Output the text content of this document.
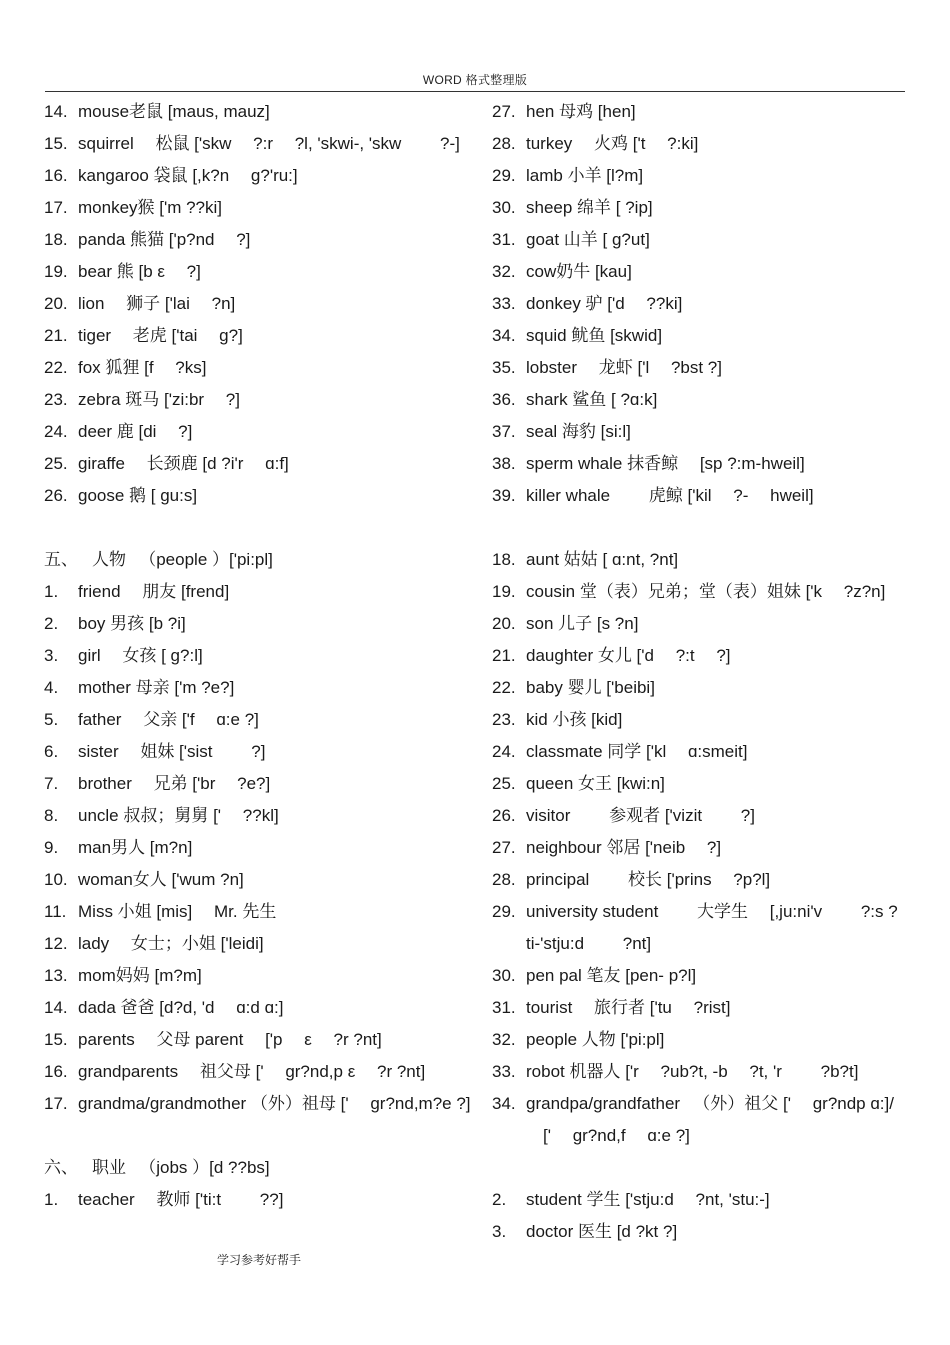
WORD 格式整理版
14. mouse老鼠 [maus, mauz]
15. squirrel 　松鼠 ['skw 　?:r 　?l, 'skwi-, 'skw 　　?-]
16. kangaroo 袋鼠 [,k?n 　ɡ?'ru:]
17. monkey猴 ['m ??ki]
18. panda 熊猫 ['p?nd 　?]
19. bear 熊 [b ε 　?]
20. lion 　狮子 ['lai 　?n]
21. tiger 　老虎 ['tai 　ɡ?]
22. fox 狐狸 [f 　?ks]
23. zebra 斑马 ['zi:br 　?]
24. deer 鹿 [di 　?]
25. giraffe 　长颈鹿 [d ?i'r 　ɑ:f]
26. goose 鹅 [ ɡu:s]
五、 人物 　（people ）['pi:pl]
1.	friend 　朋友 [frend]
2.	boy 男孩 [b ?i]
3.	girl 　女孩 [ ɡ?:l]
4.	mother 母亲 ['m ?e?]
5.	father 　父亲 ['f 　ɑ:e ?]
6.	sister 　姐妹 ['sist 　　?]
7.	brother 　兄弟 ['br 　?e?]
8.	uncle 叔叔；舅舅 [' 　??kl]
9.	man男人 [m?n]
10. woman女人 ['wum ?n]
11. Miss 小姐 [mis] 　Mr. 先生
12. lady 　女士；小姐 ['leidi]
13. mom妈妈 [m?m]
14. dada 爸爸 [d?d, 'd 　ɑ:d ɑ:]
15. parents 　父母 parent 　['p 　ε 　?r ?nt]
16. grandparents 　祖父母 [' 　gr?nd,p ε 　?r ?nt]
17. grandma/grandmother （外）祖母 [' 　gr?nd,m?e ?]
六、 职业 　（jobs ）[d ??bs]
1.	teacher 　教师 ['ti:t 　　??]
27. hen 母鸡 [hen]
28. turkey 　火鸡 ['t 　?:ki]
29. lamb 小羊 [l?m]
30. sheep 绵羊 [ ?ip]
31. goat 山羊 [ ɡ?ut]
32. cow奶牛 [kau]
33. donkey 驴 ['d 　??ki]
34. squid 鱿鱼 [skwid]
35. lobster 　龙虾 ['l 　?bst ?]
36. shark 鲨鱼 [ ?ɑ:k]
37. seal 海豹 [si:l]
38. sperm whale 抹香鲸 　[sp ?:m-hweil]
39. killer whale 　　虎鲸 ['kil 　?- 　hweil]
18. aunt 姑姑 [ ɑ:nt, ?nt]
19. cousin 堂（表）兄弟；堂（表）姐妹 ['k 　?z?n]
20. son 儿子 [s ?n]
21. daughter 女儿 ['d 　?:t 　?]
22. baby 婴儿 ['beibi]
23. kid 小孩 [kid]
24. classmate 同学 ['kl 　ɑ:smeit]
25. queen 女王 [kwi:n]
26. visitor 　　参观者 ['vizit 　　?]
27. neighbour 邻居 ['neib 　?]
28. principal 　　校长 ['prins 　?p?l]
29. university student 　　大学生 　[,ju:ni'v 　　?:s ?ti-'stju:d 　　?nt]
30. pen pal 笔友 [pen- p?l]
31. tourist 　旅行者 ['tu 　?rist]
32. people 人物 ['pi:pl]
33. robot 机器人 ['r 　?ub?t, -b 　?t, 'r 　　?b?t]
34. grandpa/grandfather 　（外）祖父 [' 　gr?ndp ɑ:]/ 　[' 　gr?nd,f 　ɑ:e ?]
2.	student 学生 ['stju:d 　?nt, 'stu:-]
3.	doctor 医生 [d ?kt ?]
学习参考好帮手
